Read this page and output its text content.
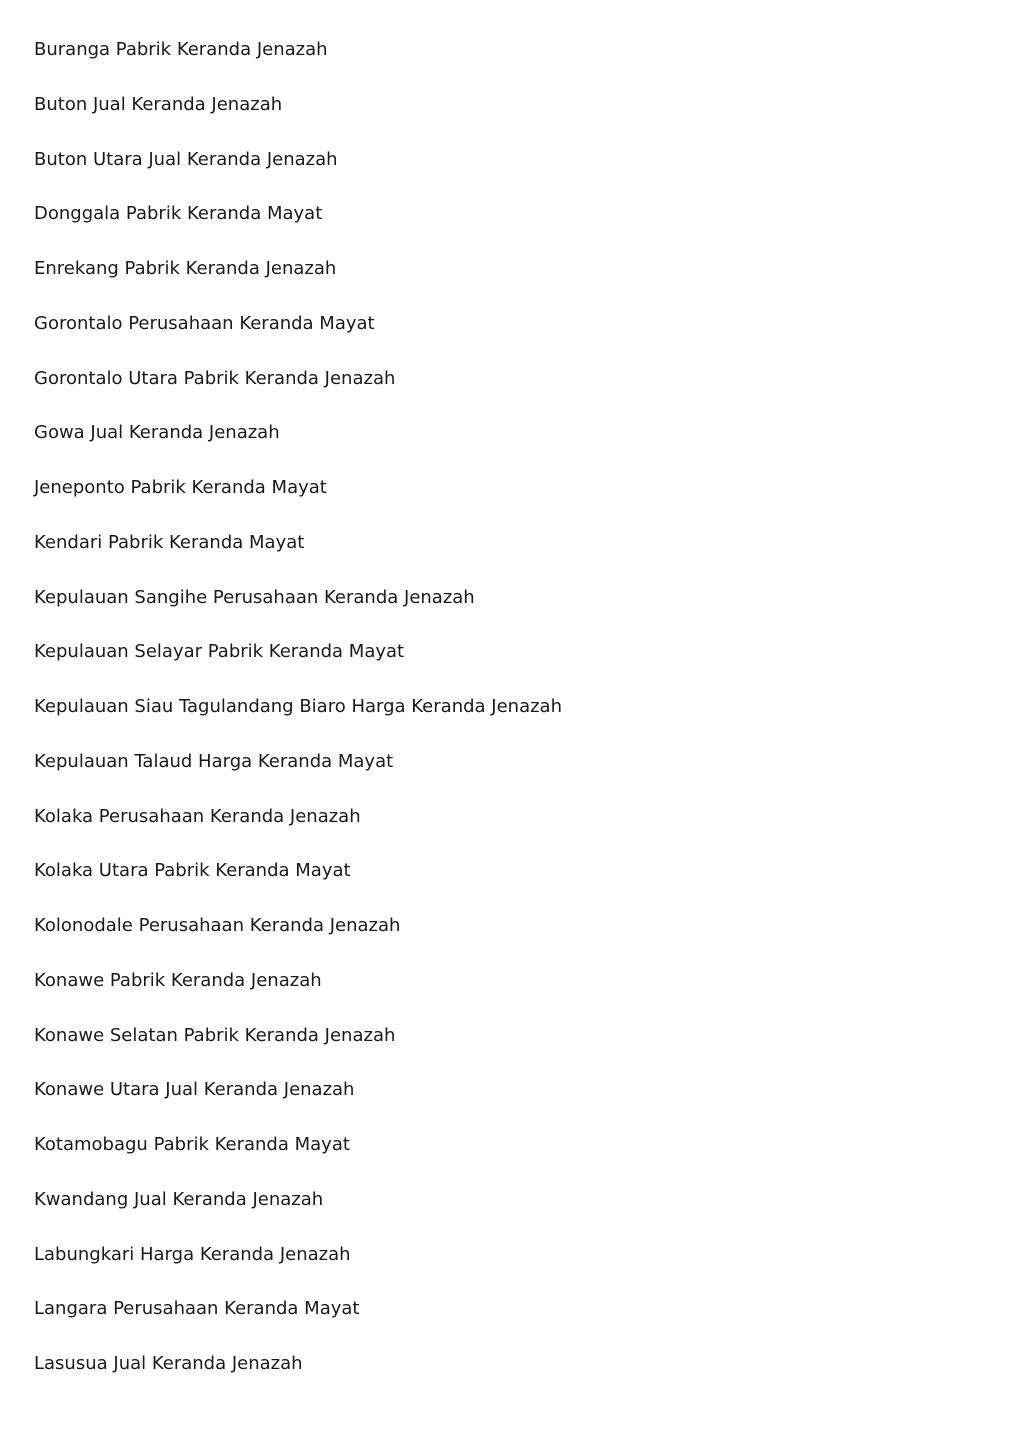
Buranga Pabrik Keranda Jenazah
Buton Jual Keranda Jenazah
Buton Utara Jual Keranda Jenazah
Donggala Pabrik Keranda Mayat
Enrekang Pabrik Keranda Jenazah
Gorontalo Perusahaan Keranda Mayat
Gorontalo Utara Pabrik Keranda Jenazah
Gowa Jual Keranda Jenazah
Jeneponto Pabrik Keranda Mayat
Kendari Pabrik Keranda Mayat
Kepulauan Sangihe Perusahaan Keranda Jenazah
Kepulauan Selayar Pabrik Keranda Mayat
Kepulauan Siau Tagulandang Biaro Harga Keranda Jenazah
Kepulauan Talaud Harga Keranda Mayat
Kolaka Perusahaan Keranda Jenazah
Kolaka Utara Pabrik Keranda Mayat
Kolonodale Perusahaan Keranda Jenazah
Konawe Pabrik Keranda Jenazah
Konawe Selatan Pabrik Keranda Jenazah
Konawe Utara Jual Keranda Jenazah
Kotamobagu Pabrik Keranda Mayat
Kwandang Jual Keranda Jenazah
Labungkari Harga Keranda Jenazah
Langara Perusahaan Keranda Mayat
Lasusua Jual Keranda Jenazah
